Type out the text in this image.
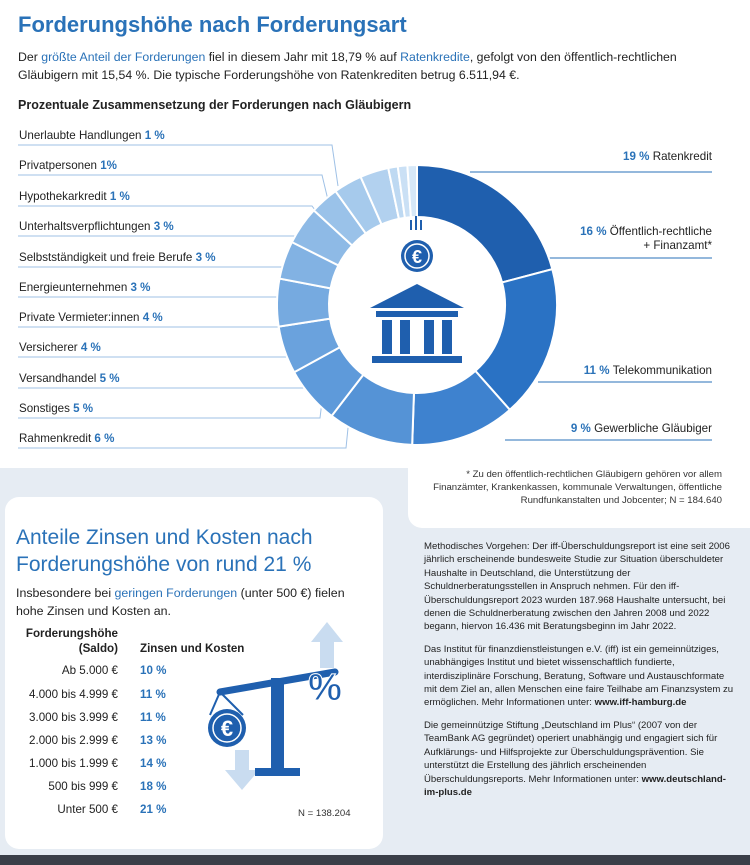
Forderungshöhe nach Forderungsart
Der größte Anteil der Forderungen fiel in diesem Jahr mit 18,79 % auf Ratenkredite, gefolgt von den öffentlich-rechtlichen Gläubigern mit 15,54 %. Die typische Forderungshöhe von Ratenkrediten betrug 6.511,94 €.
Prozentuale Zusammensetzung der Forderungen nach Gläubigern
Unerlaubte Handlungen 1 %
Privatpersonen 1%
Hypothekarkredit 1 %
Unterhaltsverpflichtungen 3 %
Selbstständigkeit und freie Berufe 3 %
Energieunternehmen 3 %
Private Vermieter:innen 4 %
Versicherer 4 %
Versandhandel 5 %
Sonstiges 5 %
Rahmenkredit 6 %
19 % Ratenkredit
16 % Öffentlich-rechtliche
+ Finanzamt*
11 % Telekommunikation
9 % Gewerbliche Gläubiger
€
* Zu den öffentlich-rechtlichen Gläubigern gehören vor allem Finanzämter, Krankenkassen, kommunale Verwaltungen, öffentliche Rundfunkanstalten und Jobcenter; N = 184.640
Anteile Zinsen und Kosten nach Forderungshöhe von rund 21 %
Insbesondere bei geringen Forderungen (unter 500 €) fielen hohe Zinsen und Kosten an.
Forderungshöhe
(Saldo) Zinsen und Kosten
Ab 5.000 € 10 %
4.000 bis 4.999 € 11 %
3.000 bis 3.999 € 11 %
2.000 bis 2.999 € 13 %
1.000 bis 1.999 € 14 %
500 bis 999 € 18 %
Unter 500 € 21 %
€
%
N = 138.204

Methodisches Vorgehen: Der iff-Überschuldungsreport ist eine seit 2006 jährlich erscheinende bundesweite Studie zur Situation überschuldeter Haushalte in Deutschland, die Unterstützung der Schuldnerberatungsstellen in Anspruch nehmen. Für den iff-Überschuldungsreport 2023 wurden 187.968 Haushalte untersucht, bei denen die Schuldnerberatung zwischen den Jahren 2008 und 2022 begann, hiervon 16.436 mit Beratungsbeginn im Jahr 2022.

Das Institut für finanzdienstleistungen e.V. (iff) ist ein gemeinnütziges, unabhängiges Institut und bietet wissenschaftlich fundierte, interdisziplinäre Forschung, Beratung, Software und Austauschformate mit dem Ziel an, allen Menschen eine faire Teilhabe am Finanzsystem zu ermöglichen. Mehr Informationen unter: www.iff-hamburg.de

Die gemeinnützige Stiftung „Deutschland im Plus“ (2007 von der TeamBank AG gegründet) operiert unabhängig und engagiert sich für Aufklärungs- und Hilfsprojekte zur Überschuldungsprävention. Sie unterstützt die Erstellung des jährlich erscheinenden Überschuldungsreports. Mehr Informationen unter: www.deutschland-im-plus.de
